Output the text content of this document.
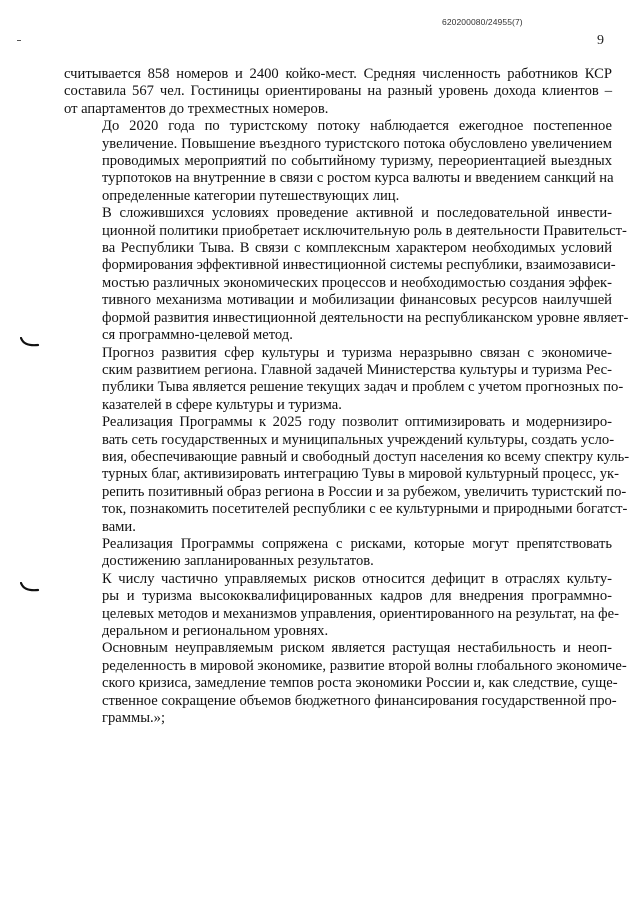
620200080/24955(7)
9

считывается 858 номеров и 2400 койко-мест. Средняя численность работников КСР
составила 567 чел. Гостиницы ориентированы на разный уровень дохода клиентов –
от апартаментов до трехместных номеров.

До 2020 года по туристскому потоку наблюдается ежегодное постепенное
увеличение. Повышение въездного туристского потока обусловлено увеличением
проводимых мероприятий по событийному туризму, переориентацией выездных
турпотоков на внутренние в связи с ростом курса валюты и введением санкций на
определенные категории путешествующих лиц.

В сложившихся условиях проведение активной и последовательной инвести-
ционной политики приобретает исключительную роль в деятельности Правительст-
ва Республики Тыва. В связи с комплексным характером необходимых условий
формирования эффективной инвестиционной системы республики, взаимозависи-
мостью различных экономических процессов и необходимостью создания эффек-
тивного механизма мотивации и мобилизации финансовых ресурсов наилучшей
формой развития инвестиционной деятельности на республиканском уровне являет-
ся программно-целевой метод.

Прогноз развития сфер культуры и туризма неразрывно связан с экономиче-
ским развитием региона. Главной задачей Министерства культуры и туризма Рес-
публики Тыва является решение текущих задач и проблем с учетом прогнозных по-
казателей в сфере культуры и туризма.

Реализация Программы к 2025 году позволит оптимизировать и модернизиро-
вать сеть государственных и муниципальных учреждений культуры, создать усло-
вия, обеспечивающие равный и свободный доступ населения ко всему спектру куль-
турных благ, активизировать интеграцию Тувы в мировой культурный процесс, ук-
репить позитивный образ региона в России и за рубежом, увеличить туристский по-
ток, познакомить посетителей республики с ее культурными и природными богатст-
вами.

Реализация Программы сопряжена с рисками, которые могут препятствовать
достижению запланированных результатов.

К числу частично управляемых рисков относится дефицит в отраслях культу-
ры и туризма высококвалифицированных кадров для внедрения программно-
целевых методов и механизмов управления, ориентированного на результат, на фе-
деральном и региональном уровнях.

Основным неуправляемым риском является растущая нестабильность и неоп-
ределенность в мировой экономике, развитие второй волны глобального экономиче-
ского кризиса, замедление темпов роста экономики России и, как следствие, суще-
ственное сокращение объемов бюджетного финансирования государственной про-
граммы.»;
